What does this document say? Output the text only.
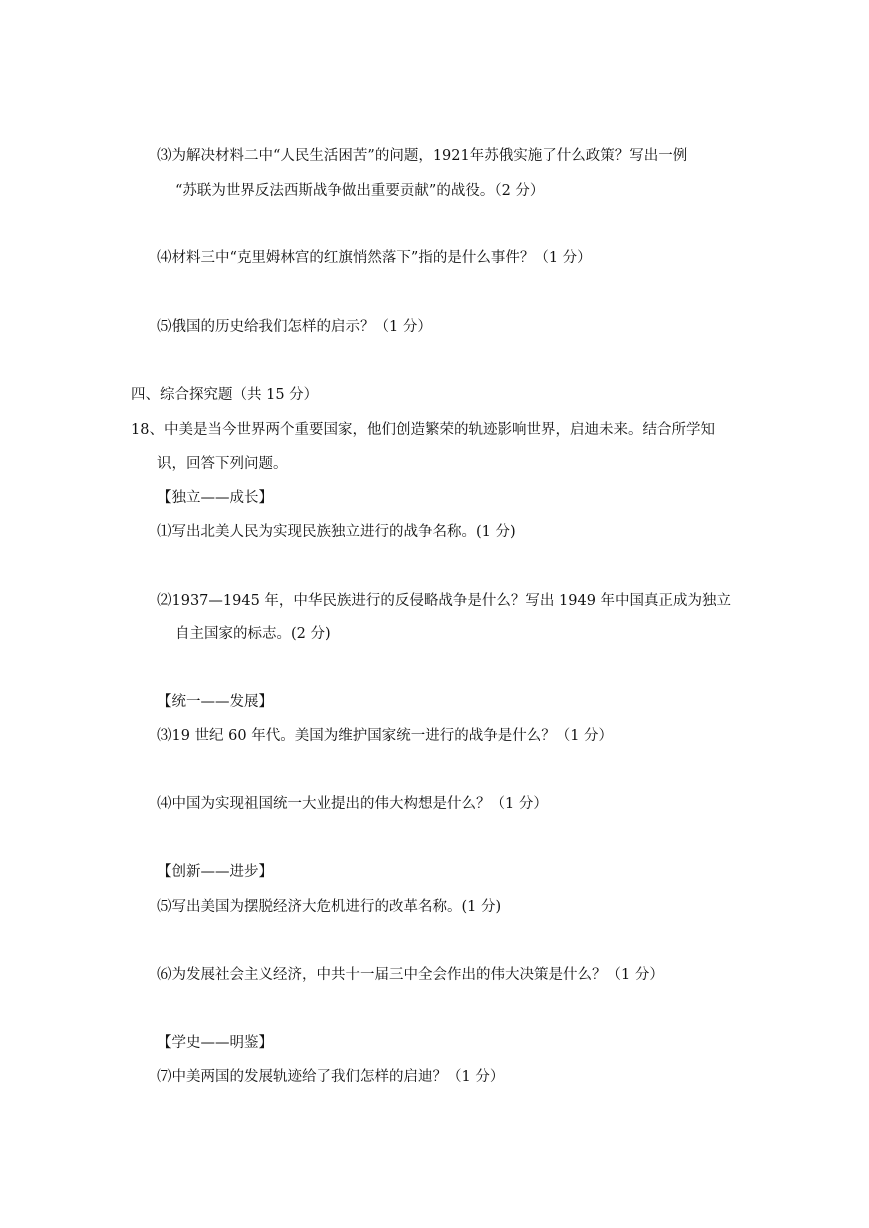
⑶为解决材料二中“人民生活困苦”的问题，1921年苏俄实施了什么政策？写出一例
“苏联为世界反法西斯战争做出重要贡献”的战役。（2 分）
⑷材料三中“克里姆林宫的红旗悄然落下”指的是什么事件？（1 分）
⑸俄国的历史给我们怎样的启示？（1 分）
四、综合探究题（共 15 分）
18、中美是当今世界两个重要国家，他们创造繁荣的轨迹影响世界，启迪未来。结合所学知
识，回答下列问题。
【独立——成长】
⑴写出北美人民为实现民族独立进行的战争名称。(1 分)
⑵1937—1945 年，中华民族进行的反侵略战争是什么？写出 1949 年中国真正成为独立
自主国家的标志。(2 分)
【统一——发展】
⑶19 世纪 60 年代。美国为维护国家统一进行的战争是什么？（1 分）
⑷中国为实现祖国统一大业提出的伟大构想是什么？（1 分）
【创新——进步】
⑸写出美国为摆脱经济大危机进行的改革名称。(1 分)
⑹为发展社会主义经济，中共十一届三中全会作出的伟大决策是什么？（1 分）
【学史——明鉴】
⑺中美两国的发展轨迹给了我们怎样的启迪？（1 分）
